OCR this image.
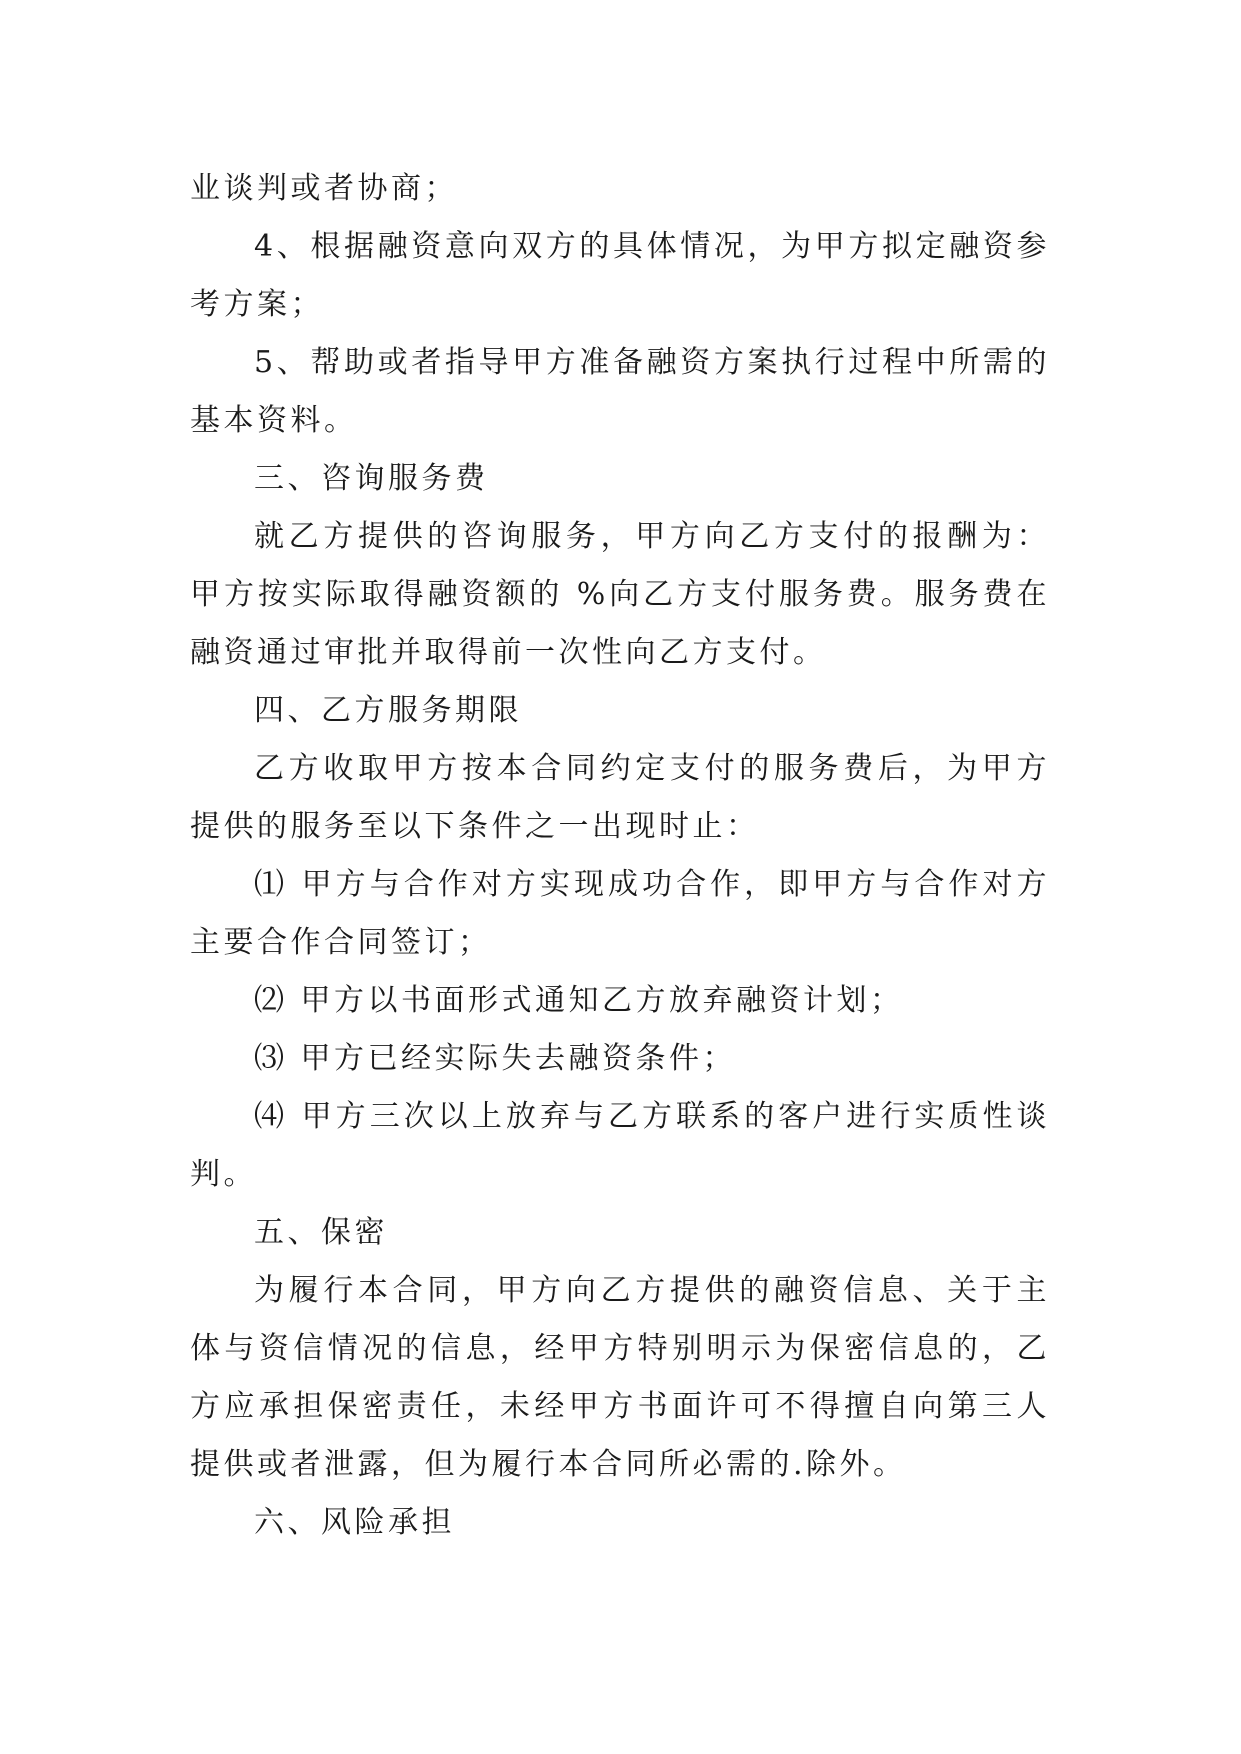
业谈判或者协商；

4、根据融资意向双方的具体情况，为甲方拟定融资参考方案；

5、帮助或者指导甲方准备融资方案执行过程中所需的基本资料。

三、咨询服务费

就乙方提供的咨询服务，甲方向乙方支付的报酬为：甲方按实际取得融资额的 %向乙方支付服务费。服务费在融资通过审批并取得前一次性向乙方支付。

四、乙方服务期限

乙方收取甲方按本合同约定支付的服务费后，为甲方提供的服务至以下条件之一出现时止：

⑴ 甲方与合作对方实现成功合作，即甲方与合作对方主要合作合同签订；

⑵ 甲方以书面形式通知乙方放弃融资计划；

⑶ 甲方已经实际失去融资条件；

⑷ 甲方三次以上放弃与乙方联系的客户进行实质性谈判。

五、保密

为履行本合同，甲方向乙方提供的融资信息、关于主体与资信情况的信息，经甲方特别明示为保密信息的，乙方应承担保密责任，未经甲方书面许可不得擅自向第三人提供或者泄露，但为履行本合同所必需的.除外。

六、风险承担
